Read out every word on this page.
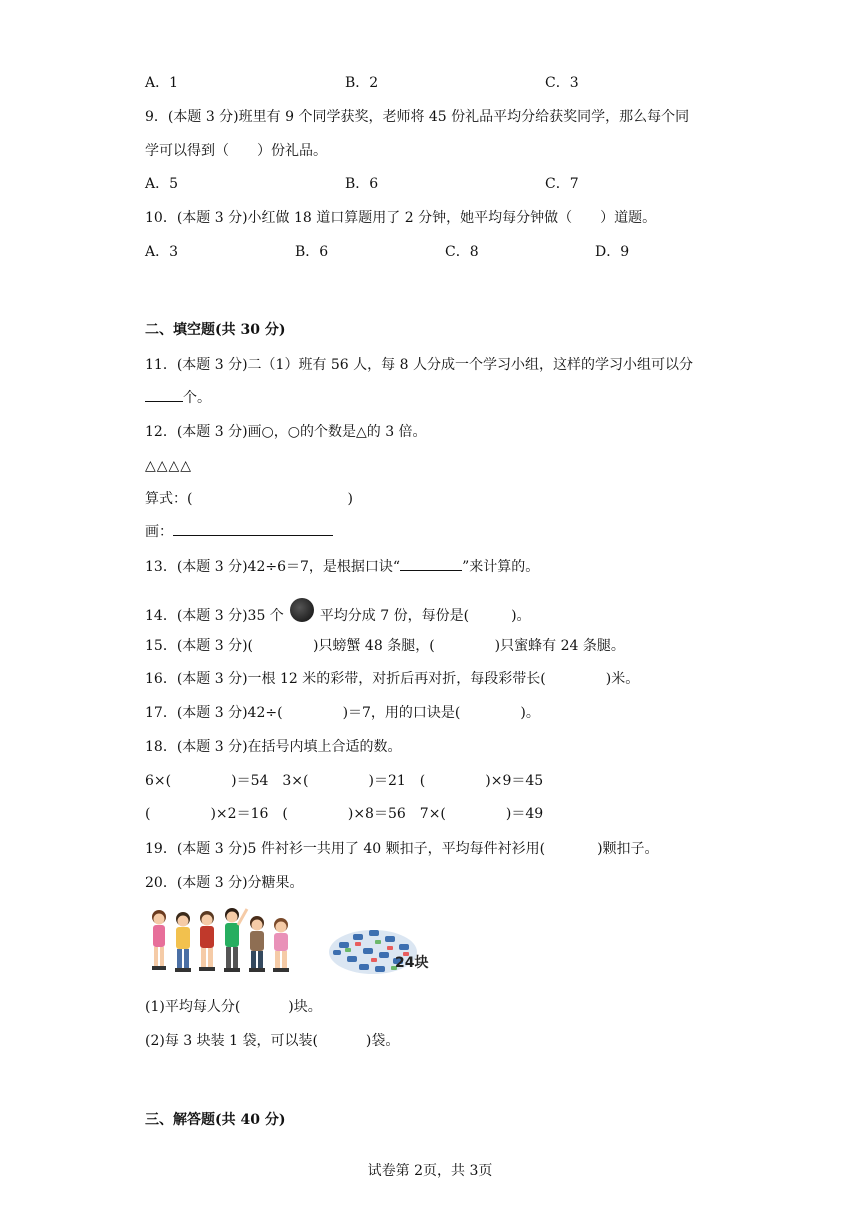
A．1	B．2	C．3
9．(本题 3 分)班里有 9 个同学获奖，老师将 45 份礼品平均分给获奖同学，那么每个同
学可以得到（　　）份礼品。
A．5	B．6	C．7
10．(本题 3 分)小红做 18 道口算题用了 2 分钟，她平均每分钟做（　　）道题。
A．3	B．6	C．8	D．9
二、填空题(共 30 分)
11．(本题 3 分)二（1）班有 56 人，每 8 人分成一个学习小组，这样的学习小组可以分
个。
12．(本题 3 分)画○，○的个数是△的 3 倍。
△△△△
算式：(	)
画：
13．(本题 3 分)42÷6＝7，是根据口诀“	”来计算的。
14．(本题 3 分)35 个	平均分成 7 份，每份是(　　　)。
15．(本题 3 分)(	)只螃蟹 48 条腿，(	)只蜜蜂有 24 条腿。
16．(本题 3 分)一根 12 米的彩带，对折后再对折，每段彩带长(	)米。
17．(本题 3 分)42÷(	)＝7，用的口诀是(	)。
18．(本题 3 分)在括号内填上合适的数。
6×(	)＝54 3×(	)＝21 (	)×9＝45
(	)×2＝16 (	)×8＝56 7×(	)＝49
19．(本题 3 分)5 件衬衫一共用了 40 颗扣子，平均每件衬衫用(	)颗扣子。
20．(本题 3 分)分糖果。
24块
(1)平均每人分(	)块。
(2)每 3 块装 1 袋，可以装(	)袋。
三、解答题(共 40 分)
试卷第 2页，共 3页
